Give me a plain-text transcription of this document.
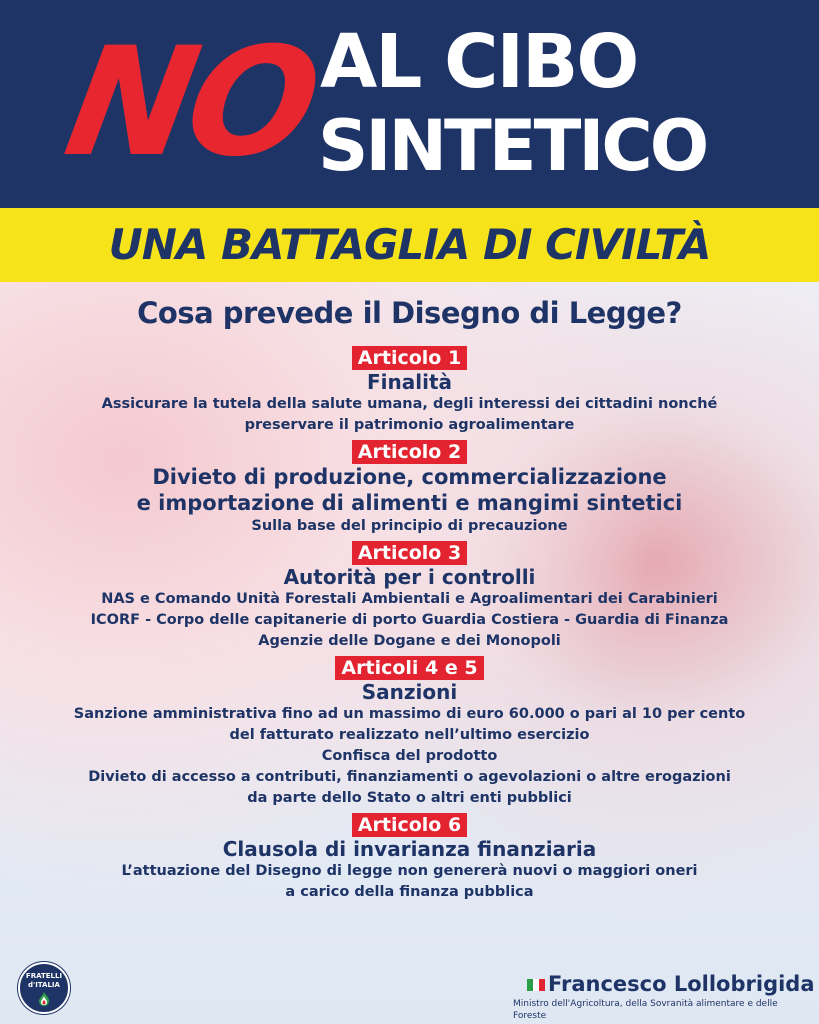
NO
AL CIBO
SINTETICO
UNA BATTAGLIA DI CIVILTÀ
Cosa prevede il Disegno di Legge?
Articolo 1
Finalità
Assicurare la tutela della salute umana, degli interessi dei cittadini nonché
preservare il patrimonio agroalimentare
Articolo 2
Divieto di produzione, commercializzazione
e importazione di alimenti e mangimi sintetici
Sulla base del principio di precauzione
Articolo 3
Autorità per i controlli
NAS e Comando Unità Forestali Ambientali e Agroalimentari dei Carabinieri
ICORF - Corpo delle capitanerie di porto Guardia Costiera - Guardia di Finanza
Agenzie delle Dogane e dei Monopoli
Articoli 4 e 5
Sanzioni
Sanzione amministrativa fino ad un massimo di euro 60.000 o pari al 10 per cento
del fatturato realizzato nell’ultimo esercizio
Confisca del prodotto
Divieto di accesso a contributi, finanziamenti o agevolazioni o altre erogazioni
da parte dello Stato o altri enti pubblici
Articolo 6
Clausola di invarianza finanziaria
L’attuazione del Disegno di legge non genererà nuovi o maggiori oneri
a carico della finanza pubblica
FRATELLI
d'ITALIA	Francesco Lollobrigida
Ministro dell'Agricoltura, della Sovranità alimentare e delle Foreste
